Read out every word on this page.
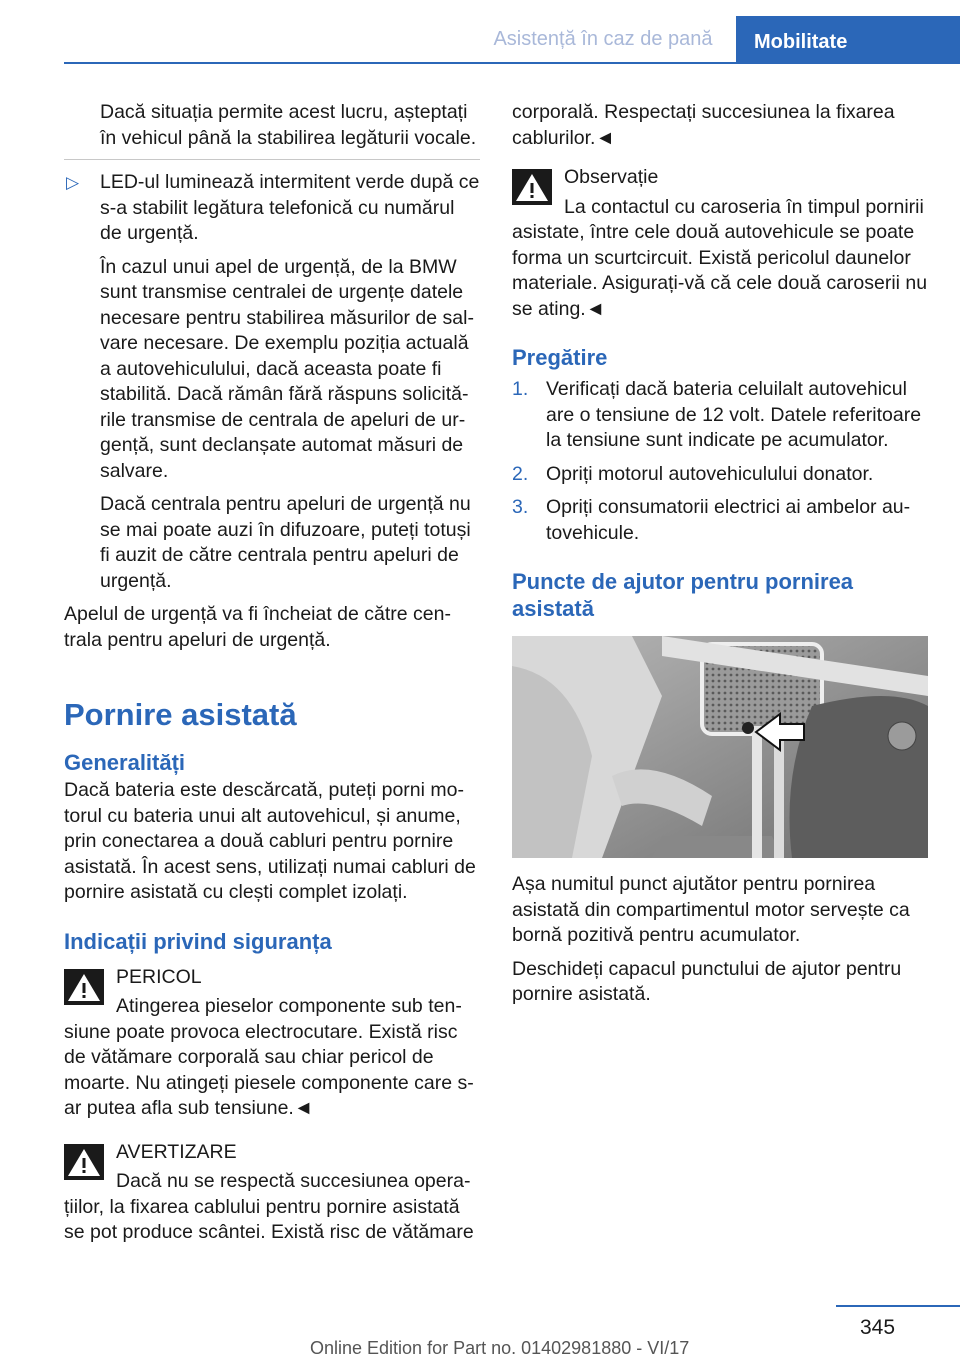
Asistență în caz de pană	Mobilitate

Dacă situația permite acest lucru, așteptați în vehicul până la stabilirea legăturii vocale.

▷ LED-ul luminează intermitent verde după ce s-a stabilit legătura telefonică cu numărul de urgență.

În cazul unui apel de urgență, de la BMW sunt transmise centralei de urgențe datele necesare pentru stabilirea măsurilor de salvare necesare. De exemplu poziția actuală a autovehiculului, dacă aceasta poate fi stabilită. Dacă rămân fără răspuns solicitările transmise de centrala de apeluri de urgență, sunt declanșate automat măsuri de salvare.

Dacă centrala pentru apeluri de urgență nu se mai poate auzi în difuzoare, puteți totuși fi auzit de către centrala pentru apeluri de urgență.

Apelul de urgență va fi încheiat de către centrala pentru apeluri de urgență.

Pornire asistată
Generalități

Dacă bateria este descărcată, puteți porni motorul cu bateria unui alt autovehicul, și anume, prin conectarea a două cabluri pentru pornire asistată. În acest sens, utilizați numai cabluri de pornire asistată cu clești complet izolați.

Indicații privind siguranța
PERICOL

Atingerea pieselor componente sub tensiune poate provoca electrocutare. Există risc de vătămare corporală sau chiar pericol de moarte. Nu atingeți piesele componente care s-ar putea afla sub tensiune.◄

AVERTIZARE

Dacă nu se respectă succesiunea operațiilor, la fixarea cablului pentru pornire asistată se pot produce scântei. Există risc de vătămare

corporală. Respectați succesiunea la fixarea cablurilor.◄

Observație

La contactul cu caroseria în timpul pornirii asistate, între cele două autovehicule se poate forma un scurtcircuit. Există pericolul daunelor materiale. Asigurați-vă că cele două caroserii nu se ating.◄

Pregătire
1. Verificați dacă bateria celuilalt autovehicul are o tensiune de 12 volt. Datele referitoare la tensiune sunt indicate pe acumulator.
2. Opriți motorul autovehiculului donator.
3. Opriți consumatorii electrici ai ambelor autovehicule.
Puncte de ajutor pentru pornirea asistată

Așa numitul punct ajutător pentru pornirea asistată din compartimentul motor servește ca bornă pozitivă pentru acumulator.

Deschideți capacul punctului de ajutor pentru pornire asistată.

345
Online Edition for Part no. 01402981880 - VI/17
